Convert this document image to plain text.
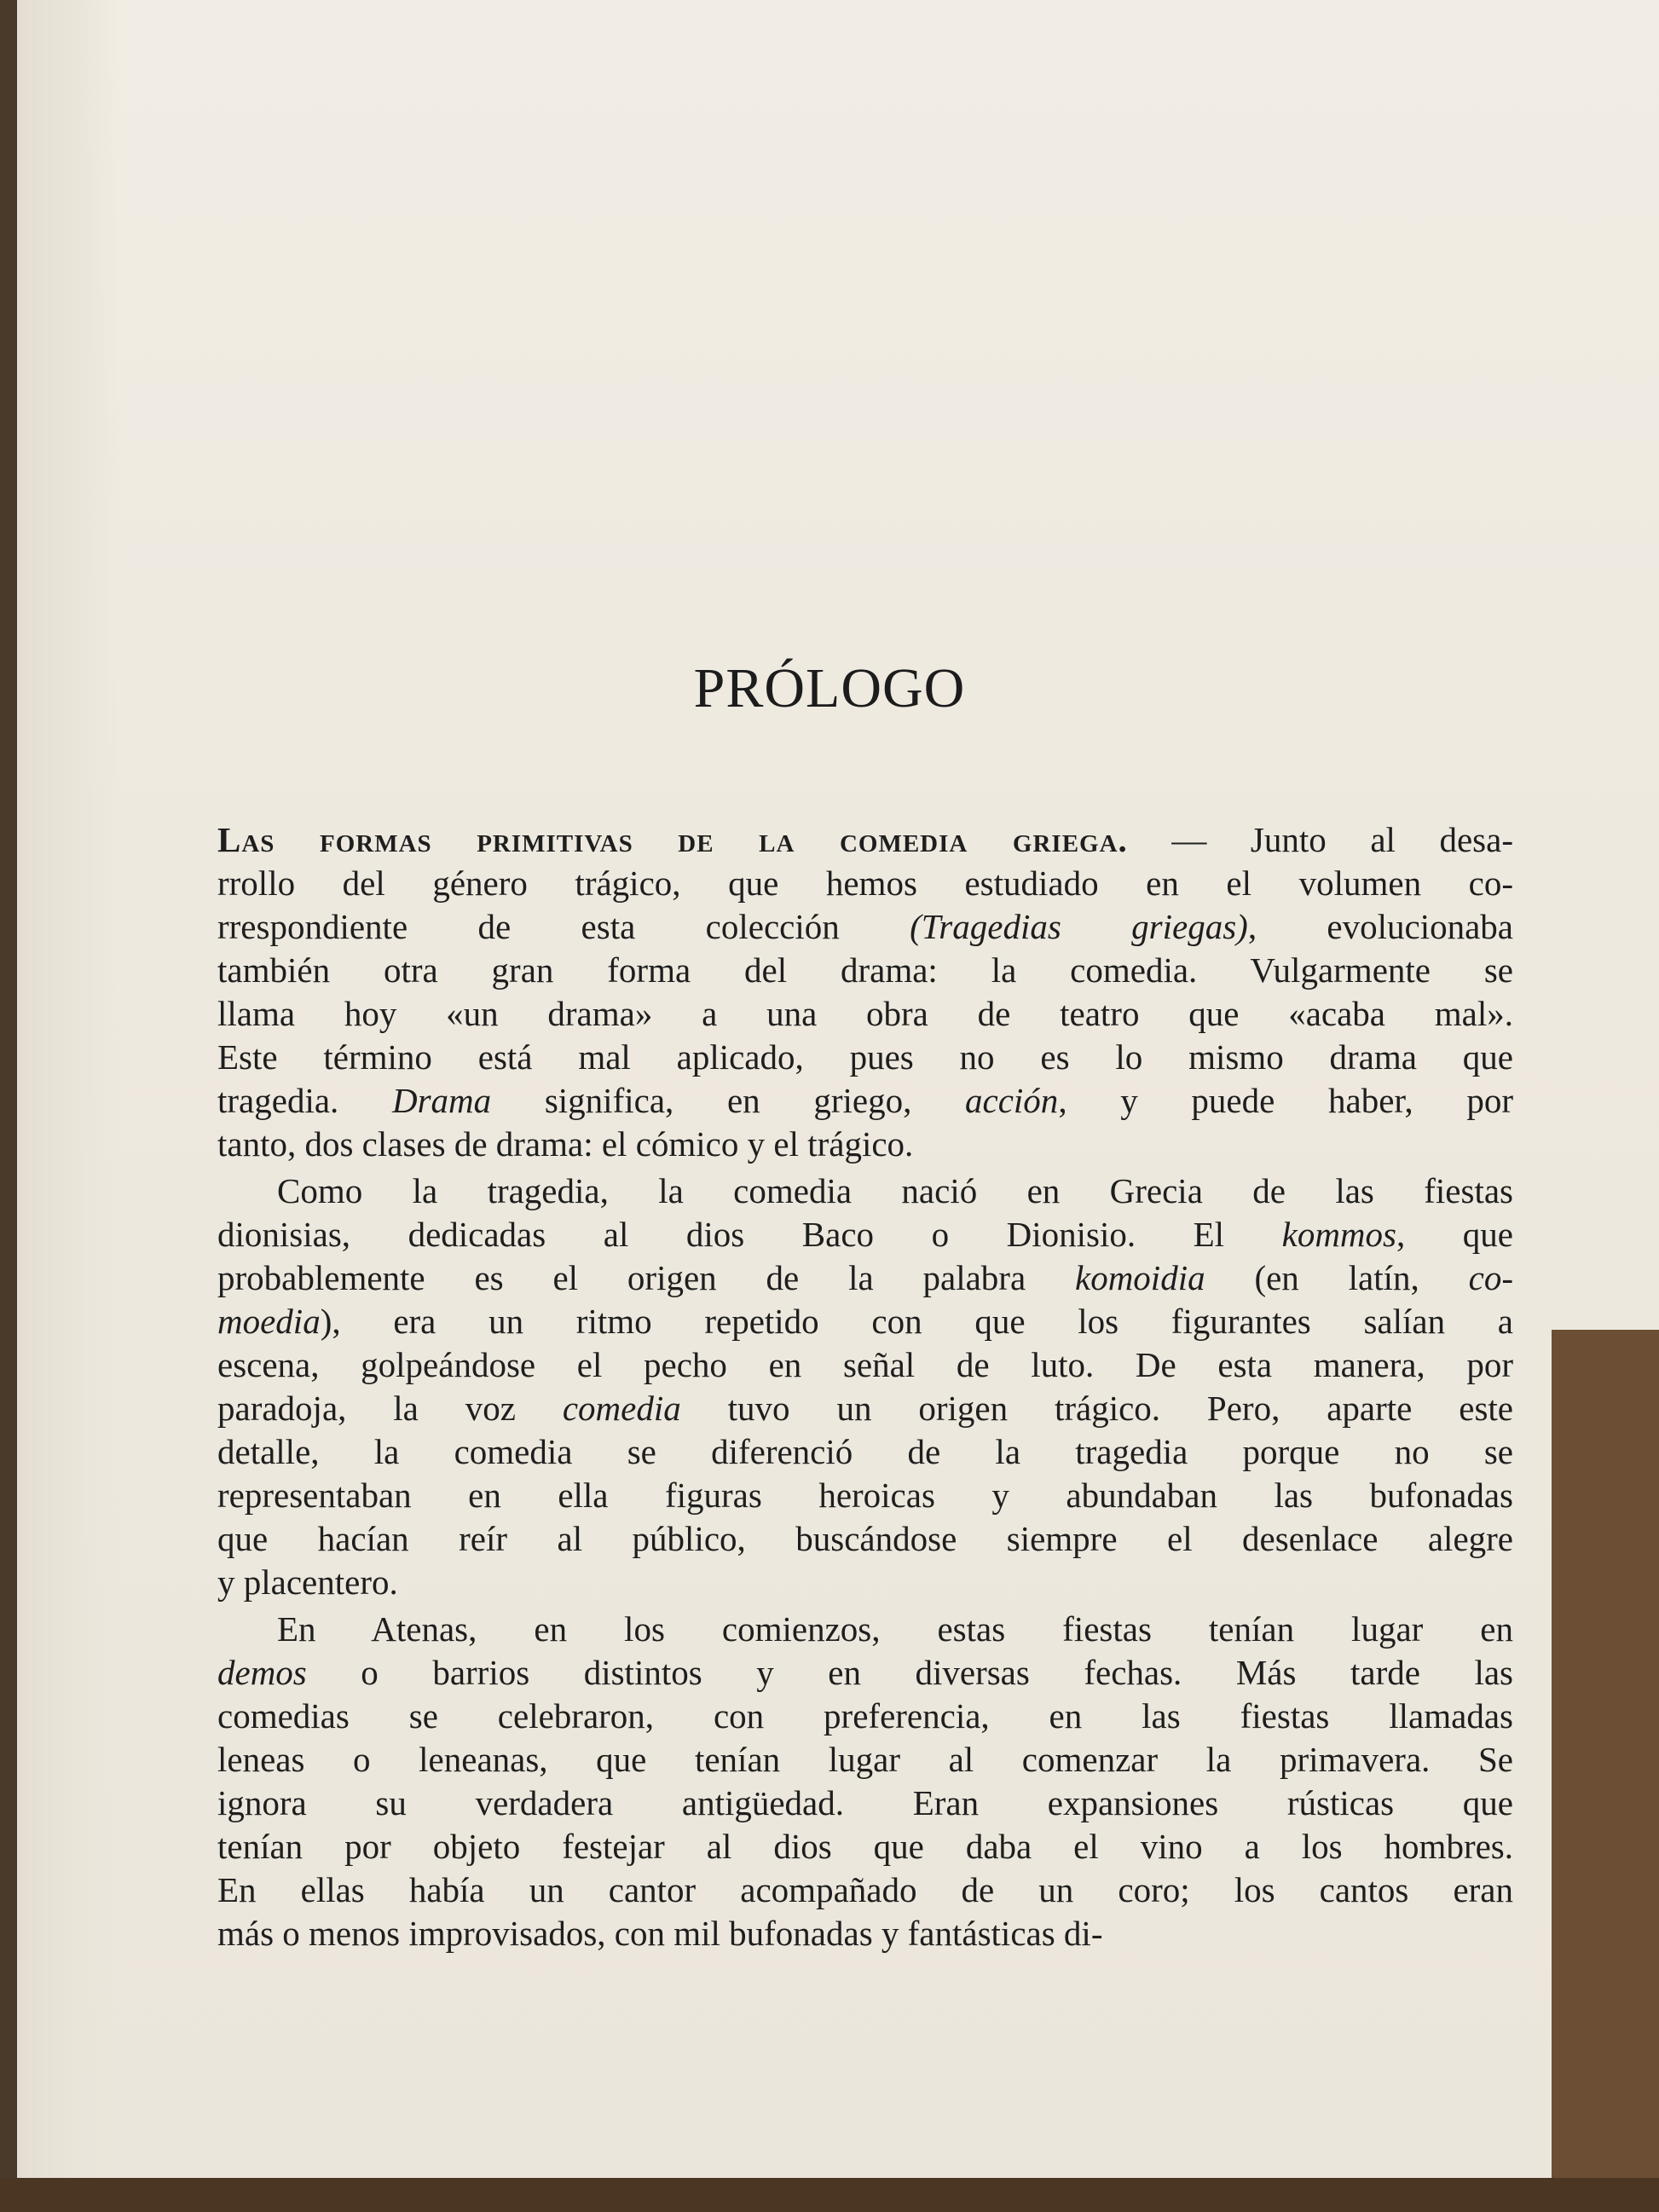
PRÓLOGO

Las formas primitivas de la comedia griega. — Junto al desa-
rrollo del género trágico, que hemos estudiado en el volumen co-
rrespondiente de esta colección (Tragedias griegas), evolucionaba
también otra gran forma del drama: la comedia. Vulgarmente se
llama hoy «un drama» a una obra de teatro que «acaba mal».
Este término está mal aplicado, pues no es lo mismo drama que
tragedia. Drama significa, en griego, acción, y puede haber, por
tanto, dos clases de drama: el cómico y el trágico.

Como la tragedia, la comedia nació en Grecia de las fiestas
dionisias, dedicadas al dios Baco o Dionisio. El kommos, que
probablemente es el origen de la palabra komoidia (en latín, co-
moedia), era un ritmo repetido con que los figurantes salían a
escena, golpeándose el pecho en señal de luto. De esta manera, por
paradoja, la voz comedia tuvo un origen trágico. Pero, aparte este
detalle, la comedia se diferenció de la tragedia porque no se
representaban en ella figuras heroicas y abundaban las bufonadas
que hacían reír al público, buscándose siempre el desenlace alegre
y placentero.

En Atenas, en los comienzos, estas fiestas tenían lugar en
demos o barrios distintos y en diversas fechas. Más tarde las
comedias se celebraron, con preferencia, en las fiestas llamadas
leneas o leneanas, que tenían lugar al comenzar la primavera. Se
ignora su verdadera antigüedad. Eran expansiones rústicas que
tenían por objeto festejar al dios que daba el vino a los hombres.
En ellas había un cantor acompañado de un coro; los cantos eran
más o menos improvisados, con mil bufonadas y fantásticas di-
